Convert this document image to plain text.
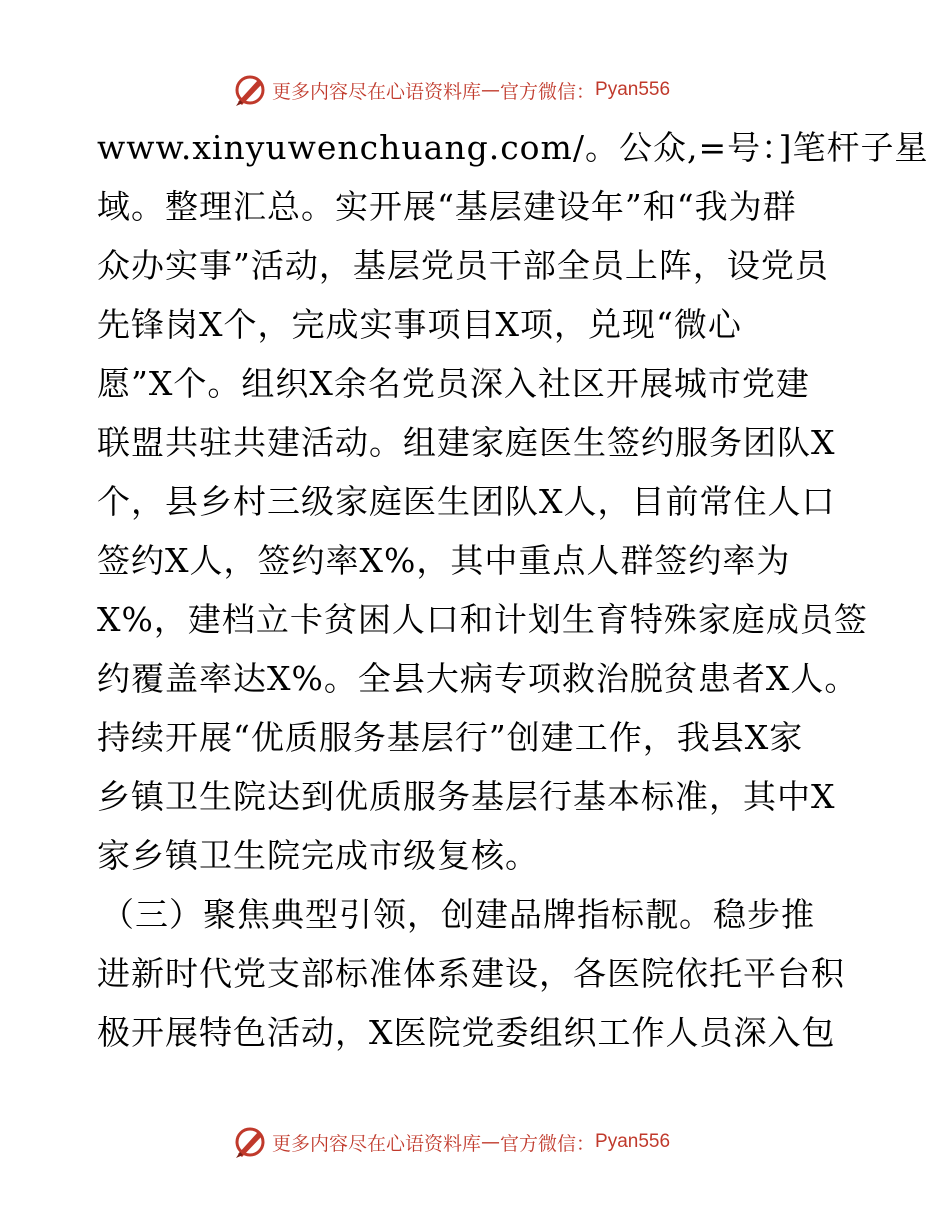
更多内容尽在心语资料库 — 官方微信： Pyan556
www.xinyuwenchuang.com/。公众,=号：]笔杆子星
域。整理汇总。实开展“基层建设年”和“我为群
众办实事”活动，基层党员干部全员上阵，设党员
先锋岗X个，完成实事项目X项，兑现“微心
愿”X个。组织X余名党员深入社区开展城市党建
联盟共驻共建活动。组建家庭医生签约服务团队X
个，县乡村三级家庭医生团队X人，目前常住人口
签约X人，签约率X%，其中重点人群签约率为
X%，建档立卡贫困人口和计划生育特殊家庭成员签
约覆盖率达X%。全县大病专项救治脱贫患者X人。
持续开展“优质服务基层行”创建工作，我县X家
乡镇卫生院达到优质服务基层行基本标准，其中X
家乡镇卫生院完成市级复核。
（三）聚焦典型引领，创建品牌指标靓。稳步推
进新时代党支部标准体系建设，各医院依托平台积
极开展特色活动，X医院党委组织工作人员深入包
更多内容尽在心语资料库 — 官方微信： Pyan556
